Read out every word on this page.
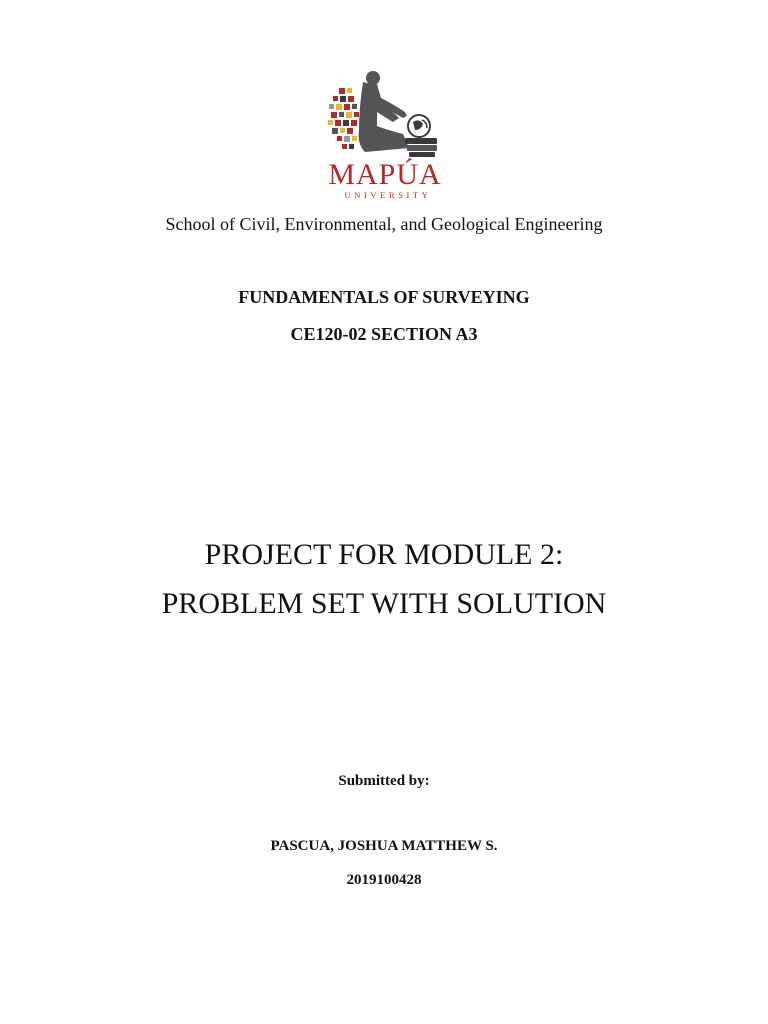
MAPÚA
UNIVERSITY
School of Civil, Environmental, and Geological Engineering
FUNDAMENTALS OF SURVEYING
CE120-02 SECTION A3
PROJECT FOR MODULE 2:
PROBLEM SET WITH SOLUTION
Submitted by:
PASCUA, JOSHUA MATTHEW S.
2019100428
